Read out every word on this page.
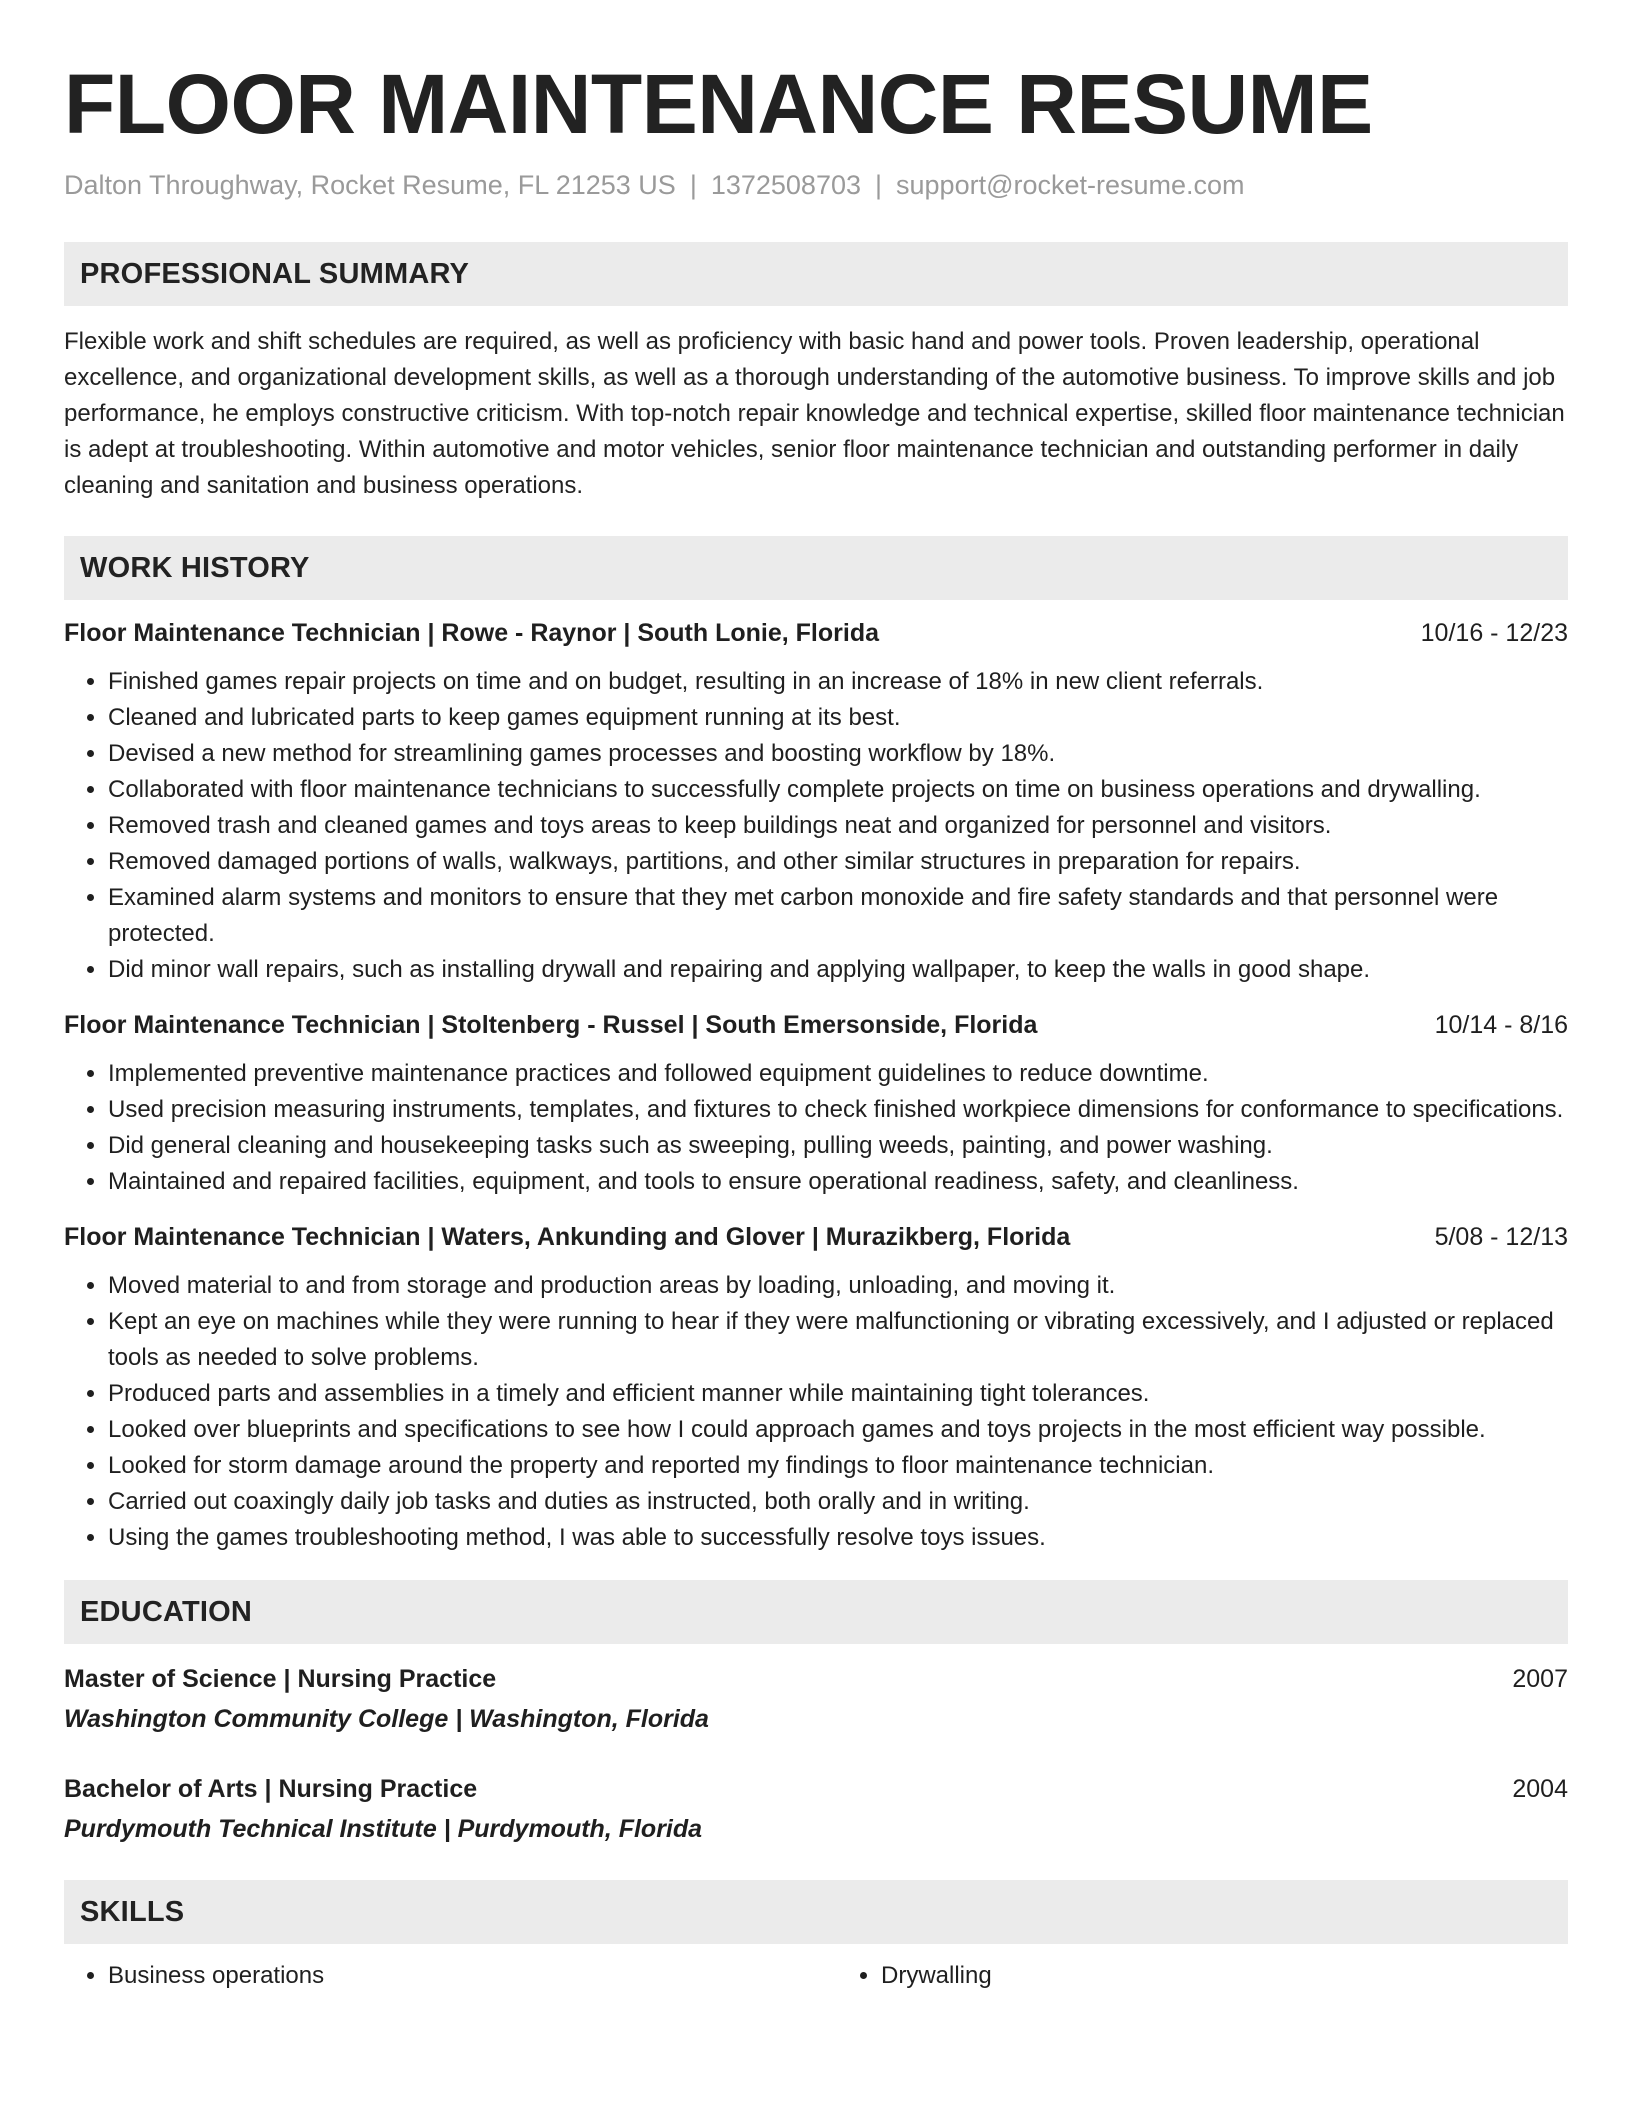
FLOOR MAINTENANCE RESUME
Dalton Throughway, Rocket Resume, FL 21253 US | 1372508703 | support@rocket-resume.com
PROFESSIONAL SUMMARY

Flexible work and shift schedules are required, as well as proficiency with basic hand and power tools. Proven leadership, operational excellence, and organizational development skills, as well as a thorough understanding of the automotive business. To improve skills and job performance, he employs constructive criticism. With top-notch repair knowledge and technical expertise, skilled floor maintenance technician is adept at troubleshooting. Within automotive and motor vehicles, senior floor maintenance technician and outstanding performer in daily cleaning and sanitation and business operations.

WORK HISTORY
Floor Maintenance Technician | Rowe - Raynor | South Lonie, Florida	10/16 - 12/23
• Finished games repair projects on time and on budget, resulting in an increase of 18% in new client referrals.
• Cleaned and lubricated parts to keep games equipment running at its best.
• Devised a new method for streamlining games processes and boosting workflow by 18%.
• Collaborated with floor maintenance technicians to successfully complete projects on time on business operations and drywalling.
• Removed trash and cleaned games and toys areas to keep buildings neat and organized for personnel and visitors.
• Removed damaged portions of walls, walkways, partitions, and other similar structures in preparation for repairs.
• Examined alarm systems and monitors to ensure that they met carbon monoxide and fire safety standards and that personnel were protected.
• Did minor wall repairs, such as installing drywall and repairing and applying wallpaper, to keep the walls in good shape.
Floor Maintenance Technician | Stoltenberg - Russel | South Emersonside, Florida	10/14 - 8/16
• Implemented preventive maintenance practices and followed equipment guidelines to reduce downtime.
• Used precision measuring instruments, templates, and fixtures to check finished workpiece dimensions for conformance to specifications.
• Did general cleaning and housekeeping tasks such as sweeping, pulling weeds, painting, and power washing.
• Maintained and repaired facilities, equipment, and tools to ensure operational readiness, safety, and cleanliness.
Floor Maintenance Technician | Waters, Ankunding and Glover | Murazikberg, Florida	5/08 - 12/13
• Moved material to and from storage and production areas by loading, unloading, and moving it.
• Kept an eye on machines while they were running to hear if they were malfunctioning or vibrating excessively, and I adjusted or replaced tools as needed to solve problems.
• Produced parts and assemblies in a timely and efficient manner while maintaining tight tolerances.
• Looked over blueprints and specifications to see how I could approach games and toys projects in the most efficient way possible.
• Looked for storm damage around the property and reported my findings to floor maintenance technician.
• Carried out coaxingly daily job tasks and duties as instructed, both orally and in writing.
• Using the games troubleshooting method, I was able to successfully resolve toys issues.
EDUCATION
Master of Science | Nursing Practice	2007
Washington Community College | Washington, Florida
Bachelor of Arts | Nursing Practice	2004
Purdymouth Technical Institute | Purdymouth, Florida
SKILLS
• Business operations
•	Drywalling
